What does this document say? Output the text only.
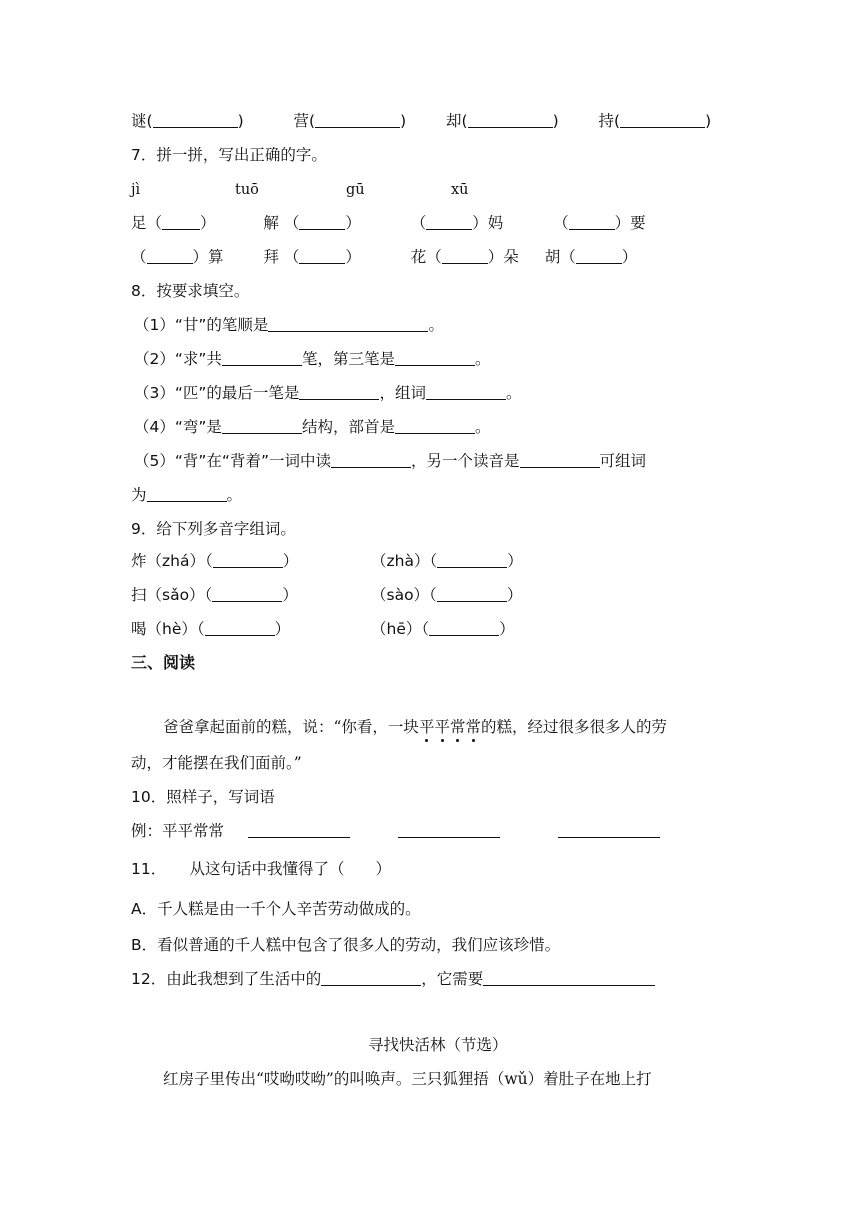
谜(	)	营(	)  却(	)  持(	)
7．拼一拼，写出正确的字。
jì	tuō	gū	xū
足（ ）	解 （	）	（	）妈	（	）要
（	）算	拜 （	）	花（	）朵 胡（	）
8．按要求填空。
（1）“甘”的笔顺是	。
（2）“求”共	笔，第三笔是	。
（3）“匹”的最后一笔是	，组词	。
（4）“弯”是	结构，部首是	。
（5）“背”在“背着”一词中读	，另一个读音是	可组词
为	。
9．给下列多音字组词。
炸（zhá）（	）	（zhà）（	）
扫（sǎo）（	）	（sào）（	）
喝（hè）（	）	（hē）（	）
三、阅读
爸爸拿起面前的糕，说：“你看，一块平平常常的糕，经过很多很多人的劳
动，才能摆在我们面前。”
10．照样子，写词语
例：平平常常
11．　　从这句话中我懂得了（　　）
A．千人糕是由一千个人辛苦劳动做成的。
B．看似普通的千人糕中包含了很多人的劳动，我们应该珍惜。
12．由此我想到了生活中的	，它需要
寻找快活林（节选）
红房子里传出“哎呦哎呦”的叫唤声。三只狐狸捂（wǔ）着肚子在地上打
